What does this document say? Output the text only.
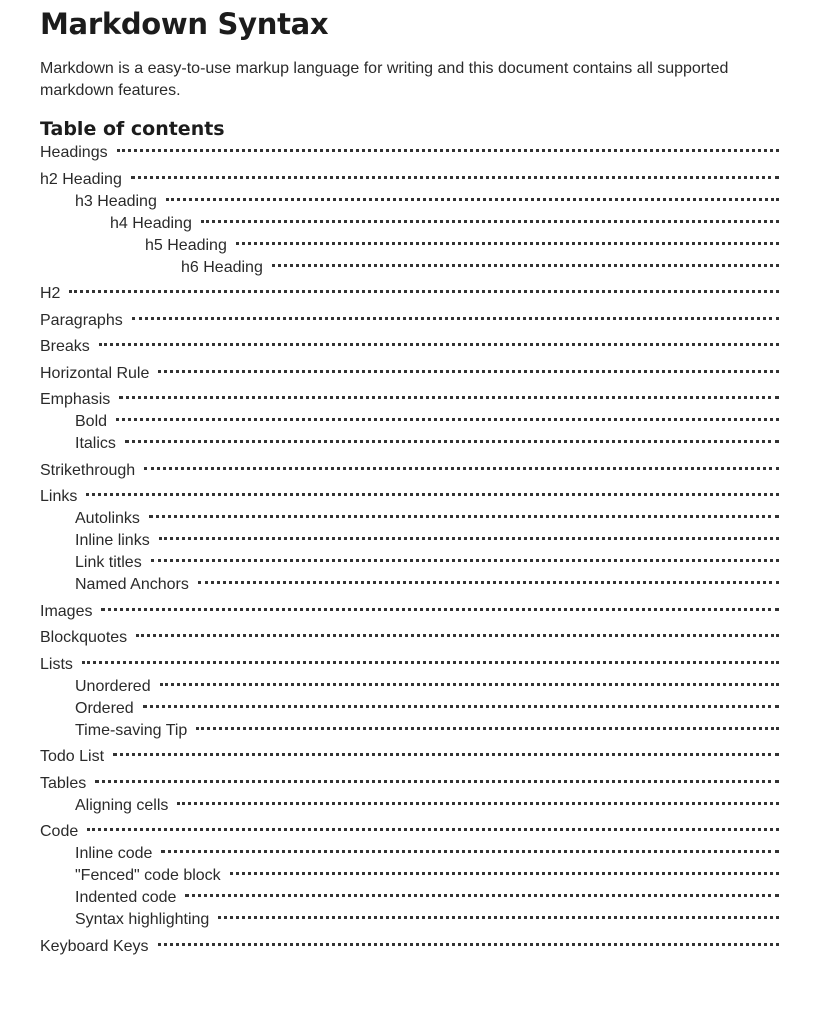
Markdown Syntax

Markdown is a easy-to-use markup language for writing and this document contains all supported markdown features.

Table of contents
Headings
h2 Heading
h3 Heading
h4 Heading
h5 Heading
h6 Heading
H2
Paragraphs
Breaks
Horizontal Rule
Emphasis
Bold
Italics
Strikethrough
Links
Autolinks
Inline links
Link titles
Named Anchors
Images
Blockquotes
Lists
Unordered
Ordered
Time-saving Tip
Todo List
Tables
Aligning cells
Code
Inline code
"Fenced" code block
Indented code
Syntax highlighting
Keyboard Keys
